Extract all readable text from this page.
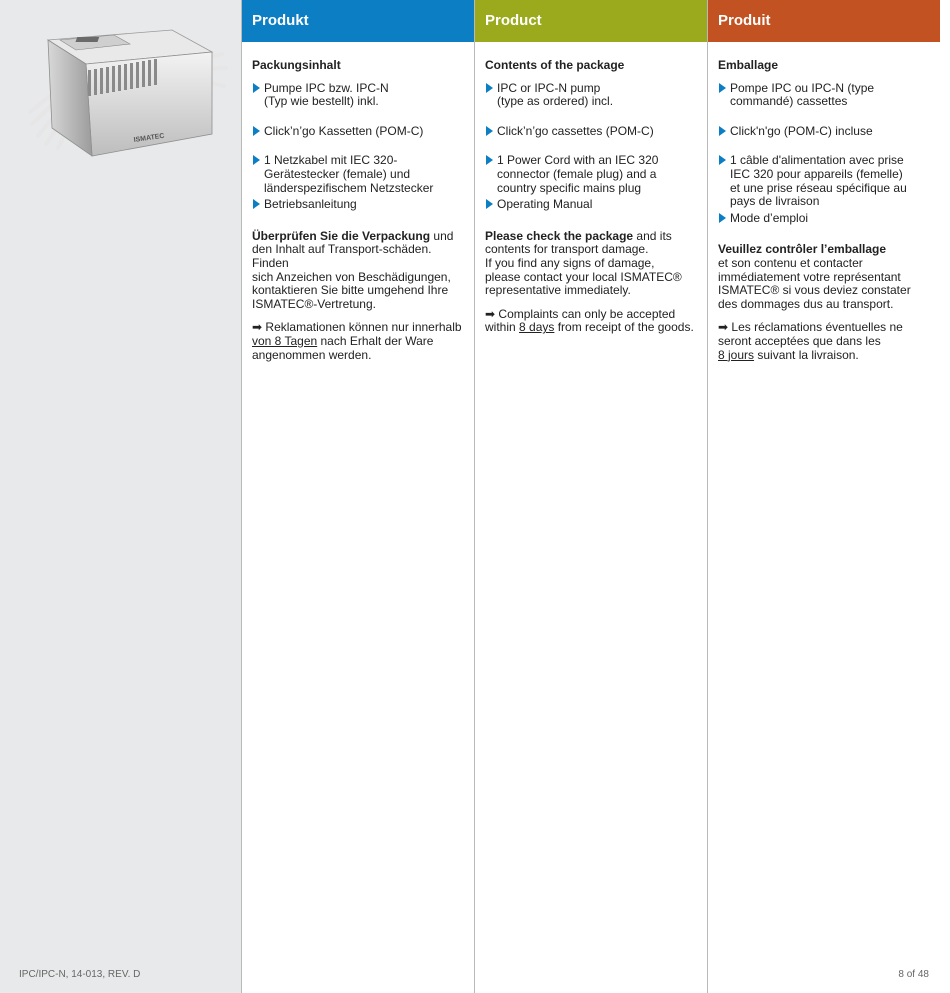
ISMATEC
Produkt
Packungsinhalt
Pumpe IPC bzw. IPC-N
(Typ wie bestellt) inkl.
Click’n’go Kassetten (POM-C)
1 Netzkabel mit IEC 320-
Gerätestecker (female) und
länderspezifischem Netzstecker
Betriebsanleitung
Überprüfen Sie die Verpackung und
den Inhalt auf Transport-schäden. Finden
sich Anzeichen von Beschädigungen,
kontaktieren Sie bitte umgehend Ihre
ISMATEC®-Vertretung.
➡ Reklamationen können nur innerhalb
von 8 Tagen nach Erhalt der Ware
angenommen werden.
Product
Contents of the package
IPC or IPC-N pump
(type as ordered) incl.
Click’n’go cassettes (POM-C)
1 Power Cord with an IEC 320
connector (female plug) and a
country specific mains plug
Operating Manual
Please check the package and its
contents for transport damage.
If you find any signs of damage,
please contact your local ISMATEC®
representative immediately.
➡ Complaints can only be accepted
within 8 days from receipt of the goods.
Produit
Emballage
Pompe IPC ou IPC-N (type
commandé) cassettes
Click'n'go (POM-C) incluse
1 câble d'alimentation avec prise
IEC 320 pour appareils (femelle)
et une prise réseau spécifique au
pays de livraison
Mode d’emploi
Veuillez contrôler l’emballage
et son contenu et contacter
immédiatement votre représentant
ISMATEC® si vous deviez constater
des dommages dus au transport.
➡ Les réclamations éventuelles ne
seront acceptées que dans les
8 jours suivant la livraison.
IPC/IPC-N, 14-013, REV. D	8 of 48
